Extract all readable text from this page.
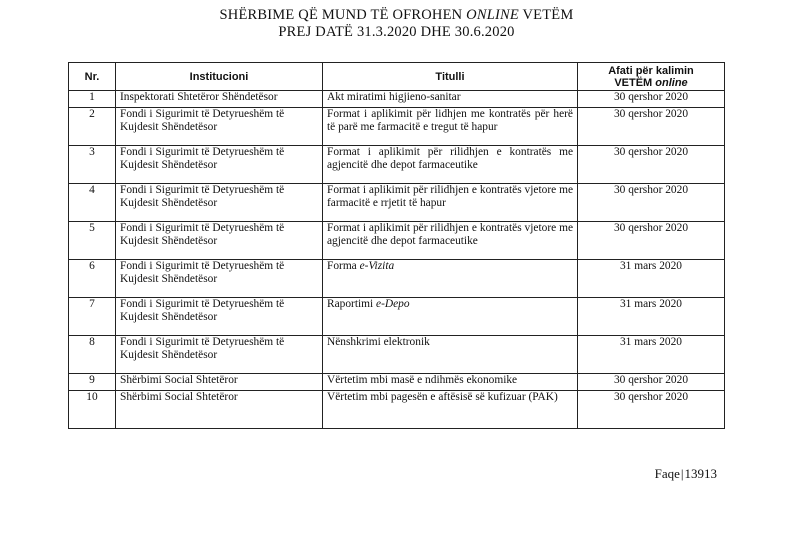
SHËRBIME QË MUND TË OFROHEN ONLINE VETËM
PREJ DATË 31.3.2020 DHE 30.6.2020
Nr.	Institucioni	Titulli	Afati për kalimin
VETËM online
1	Inspektorati Shtetëror Shëndetësor	Akt miratimi higjieno-sanitar	30 qershor 2020
2	Fondi i Sigurimit të Detyrueshëm të Kujdesit Shëndetësor	Format i aplikimit për lidhjen me kontratës për herë të parë me farmacitë e tregut të hapur	30 qershor 2020
3	Fondi i Sigurimit të Detyrueshëm të Kujdesit Shëndetësor	Format i aplikimit për rilidhjen e kontratës me agjencitë dhe depot farmaceutike	30 qershor 2020
4	Fondi i Sigurimit të Detyrueshëm të Kujdesit Shëndetësor	Format i aplikimit për rilidhjen e kontratës vjetore me farmacitë e rrjetit të hapur	30 qershor 2020
5	Fondi i Sigurimit të Detyrueshëm të Kujdesit Shëndetësor	Format i aplikimit për rilidhjen e kontratës vjetore me agjencitë dhe depot farmaceutike	30 qershor 2020
6	Fondi i Sigurimit të Detyrueshëm të Kujdesit Shëndetësor	Forma e-Vizita	31 mars 2020
7	Fondi i Sigurimit të Detyrueshëm të Kujdesit Shëndetësor	Raportimi e-Depo	31 mars 2020
8	Fondi i Sigurimit të Detyrueshëm të Kujdesit Shëndetësor	Nënshkrimi elektronik	31 mars 2020
9	Shërbimi Social Shtetëror	Vërtetim mbi masë e ndihmës ekonomike	30 qershor 2020
10	Shërbimi Social Shtetëror	Vërtetim mbi pagesën e aftësisë së kufizuar (PAK)	30 qershor 2020
Faqe|13913
